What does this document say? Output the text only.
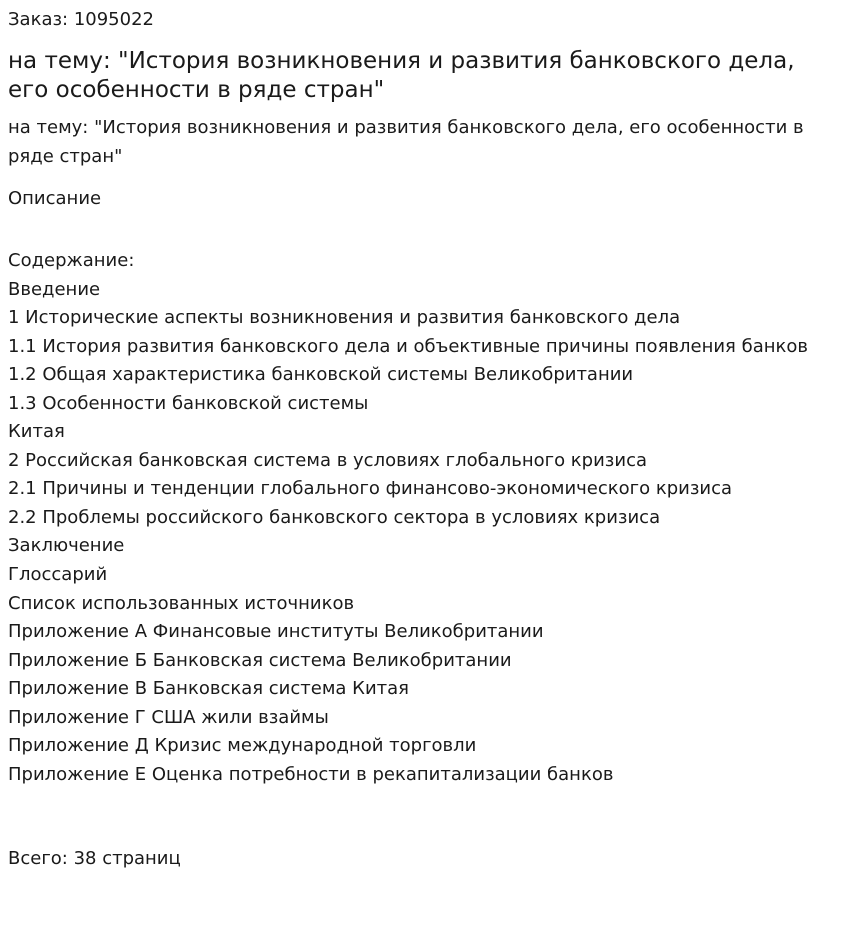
Заказ: 1095022
на тему: "История возникновения и развития банковского дела, его особенности в ряде стран"
на тему: "История возникновения и развития банковского дела, его особенности в ряде стран"
Описание
Содержание:
Введение
1 Исторические аспекты возникновения и развития банковского дела
1.1 История развития банковского дела и объективные причины появления банков
1.2 Общая характеристика банковской системы Великобритании
1.3 Особенности банковской системы
Китая
2 Российская банковская система в условиях глобального кризиса
2.1 Причины и тенденции глобального финансово-экономического кризиса
2.2 Проблемы российского банковского сектора в условиях кризиса
Заключение
Глоссарий
Список использованных источников
Приложение А Финансовые институты Великобритании
Приложение Б Банковская система Великобритании
Приложение В Банковская система Китая
Приложение Г США жили взаймы
Приложение Д Кризис международной торговли
Приложение Е Оценка потребности в рекапитализации банков
Всего: 38 страниц
